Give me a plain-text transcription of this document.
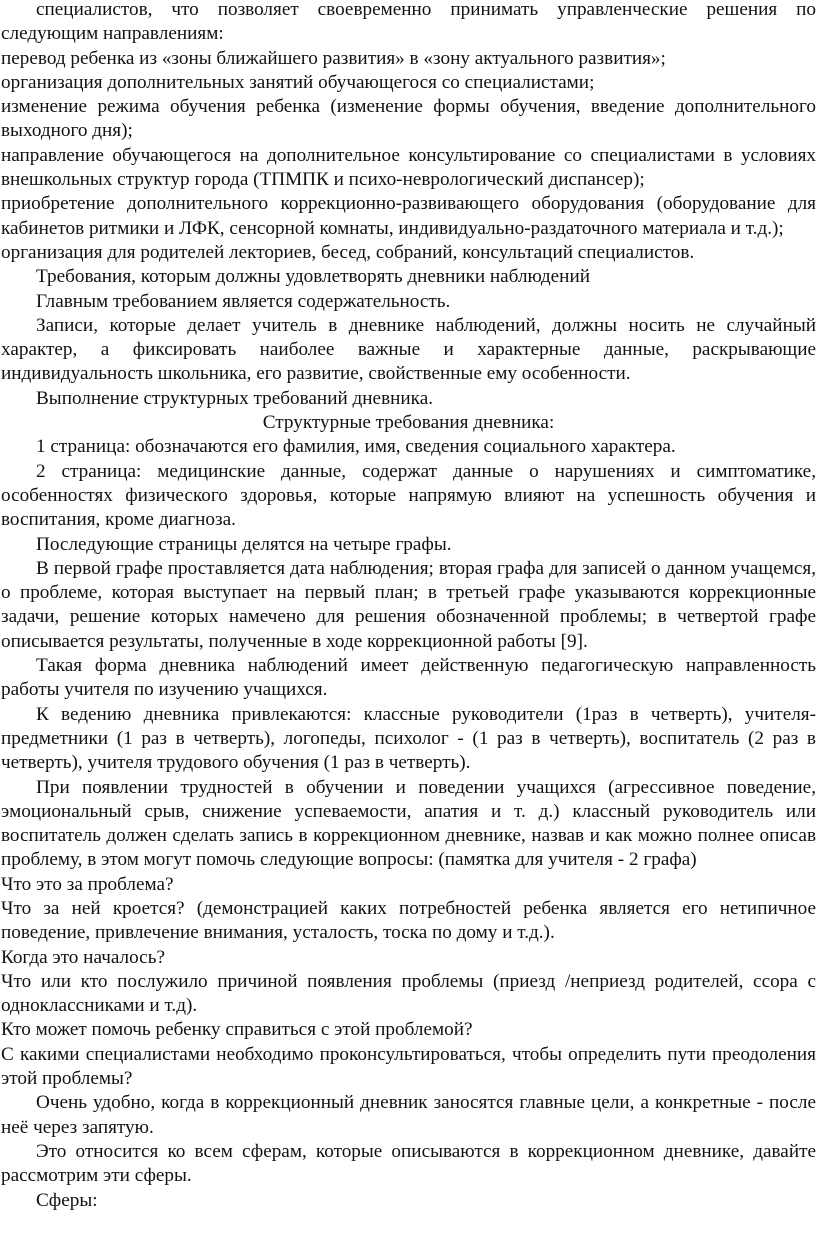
специалистов, что позволяет своевременно принимать управленческие решения по следующим направлениям:

перевод ребенка из «зоны ближайшего развития» в «зону актуального развития»;

организация дополнительных занятий обучающегося со специалистами;

изменение режима обучения ребенка (изменение формы обучения, введение дополнительного выходного дня);

направление обучающегося на дополнительное консультирование со специалистами в условиях внешкольных структур города (ТПМПК и психо-неврологический диспансер);

приобретение дополнительного коррекционно-развивающего оборудования (оборудование для кабинетов ритмики и ЛФК, сенсорной комнаты, индивидуально-раздаточного материала и т.д.);

организация для родителей лекториев, бесед, собраний, консультаций специалистов.

Требования, которым должны удовлетворять дневники наблюдений

Главным требованием является содержательность.

Записи, которые делает учитель в дневнике наблюдений, должны носить не случайный характер, а фиксировать наиболее важные и характерные данные, раскрывающие индивидуальность школьника, его развитие, свойственные ему особенности.

Выполнение структурных требований дневника.

Структурные требования дневника:

1 страница: обозначаются его фамилия, имя, сведения социального характера.

2 страница: медицинские данные, содержат данные о нарушениях и симптоматике, особенностях физического здоровья, которые напрямую влияют на успешность обучения и воспитания, кроме диагноза.

Последующие страницы делятся на четыре графы.

В первой графе проставляется дата наблюдения; вторая графа для записей о данном учащемся, о проблеме, которая выступает на первый план; в третьей графе указываются коррекционные задачи, решение которых намечено для решения обозначенной проблемы; в четвертой графе описывается результаты, полученные в ходе коррекционной работы [9].

Такая форма дневника наблюдений имеет действенную педагогическую направленность работы учителя по изучению учащихся.

К ведению дневника привлекаются: классные руководители (1раз в четверть), учителя-предметники (1 раз в четверть), логопеды, психолог - (1 раз в четверть), воспитатель (2 раз в четверть), учителя трудового обучения (1 раз в четверть).

При появлении трудностей в обучении и поведении учащихся (агрессивное поведение, эмоциональный срыв, снижение успеваемости, апатия и т. д.) классный руководитель или воспитатель должен сделать запись в коррекционном дневнике, назвав и как можно полнее описав проблему, в этом могут помочь следующие вопросы: (памятка для учителя - 2 графа)

Что это за проблема?

Что за ней кроется? (демонстрацией каких потребностей ребенка является его нетипичное поведение, привлечение внимания, усталость, тоска по дому и т.д.).

Когда это началось?

Что или кто послужило причиной появления проблемы (приезд /неприезд родителей, ссора с одноклассниками и т.д).

Кто может помочь ребенку справиться с этой проблемой?

С какими специалистами необходимо проконсультироваться, чтобы определить пути преодоления этой проблемы?

Очень удобно, когда в коррекционный дневник заносятся главные цели, а конкретные - после неё через запятую.

Это относится ко всем сферам, которые описываются в коррекционном дневнике, давайте рассмотрим эти сферы.

Сферы:
